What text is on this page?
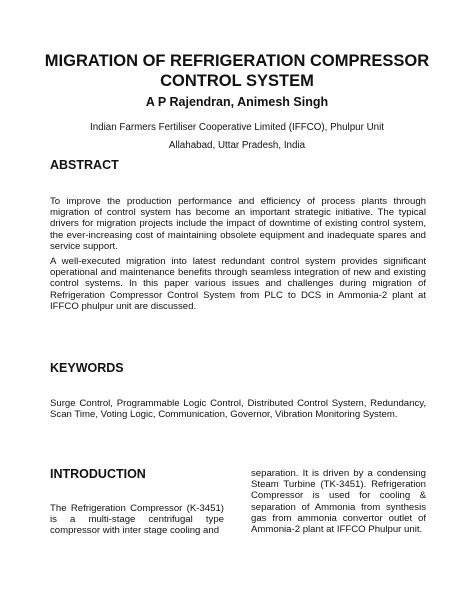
MIGRATION OF REFRIGERATION COMPRESSOR
CONTROL SYSTEM
A P Rajendran, Animesh Singh
Indian Farmers Fertiliser Cooperative Limited (IFFCO), Phulpur Unit
Allahabad, Uttar Pradesh, India
ABSTRACT

To improve the production performance and efficiency of process plants through migration of control system has become an important strategic initiative. The typical drivers for migration projects include the impact of downtime of existing control system, the ever-increasing cost of maintaining obsolete equipment and inadequate spares and service support.

A well-executed migration into latest redundant control system provides significant operational and maintenance benefits through seamless integration of new and existing control systems. In this paper various issues and challenges during migration of Refrigeration Compressor Control System from PLC to DCS in Ammonia-2 plant at IFFCO phulpur unit are discussed.

KEYWORDS

Surge Control, Programmable Logic Control, Distributed Control System, Redundancy, Scan Time, Voting Logic, Communication, Governor, Vibration Monitoring System.

INTRODUCTION

The Refrigeration Compressor (K-3451) is a multi-stage centrifugal type compressor with inter stage cooling and

separation. It is driven by a condensing Steam Turbine (TK-3451). Refrigeration Compressor is used for cooling & separation of Ammonia from synthesis gas from ammonia convertor outlet of Ammonia-2 plant at IFFCO Phulpur unit.
